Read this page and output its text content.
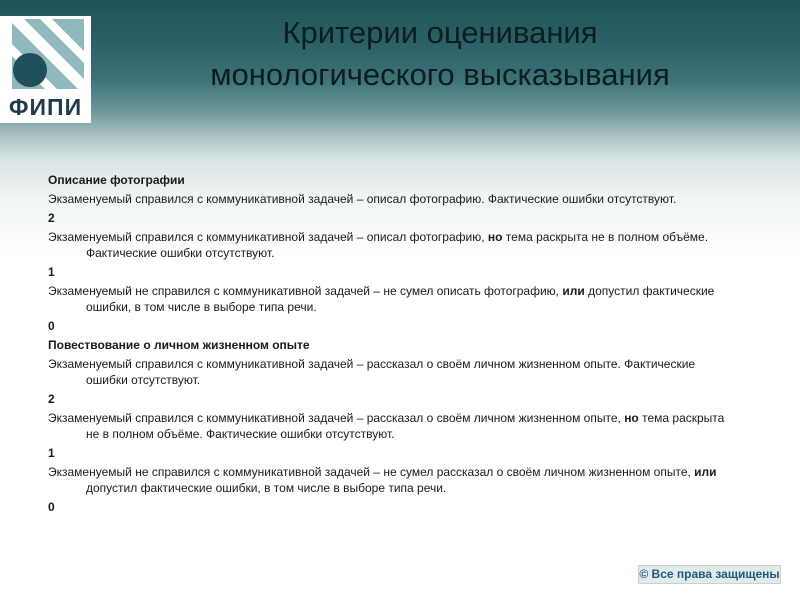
ФИПИ
Критерии оценивания
монологического высказывания
Описание фотографии

Экзаменуемый справился с коммуникативной задачей – описал фотографию. Фактические ошибки отсутствуют.

2

Экзаменуемый справился с коммуникативной задачей – описал фотографию, но тема раскрыта не в полном объёме. Фактические ошибки отсутствуют.

1

Экзаменуемый не справился с коммуникативной задачей – не сумел описать фотографию, или допустил фактические ошибки, в том числе в выборе типа речи.

0
Повествование о личном жизненном опыте

Экзаменуемый справился с коммуникативной задачей – рассказал о своём личном жизненном опыте. Фактические ошибки отсутствуют.

2

Экзаменуемый справился с коммуникативной задачей – рассказал о своём личном жизненном опыте, но тема раскрыта не в полном объёме. Фактические ошибки отсутствуют.

1

Экзаменуемый не справился с коммуникативной задачей – не сумел рассказал о своём личном жизненном опыте, или допустил фактические ошибки, в том числе в выборе типа речи.

0
© Все права защищены
